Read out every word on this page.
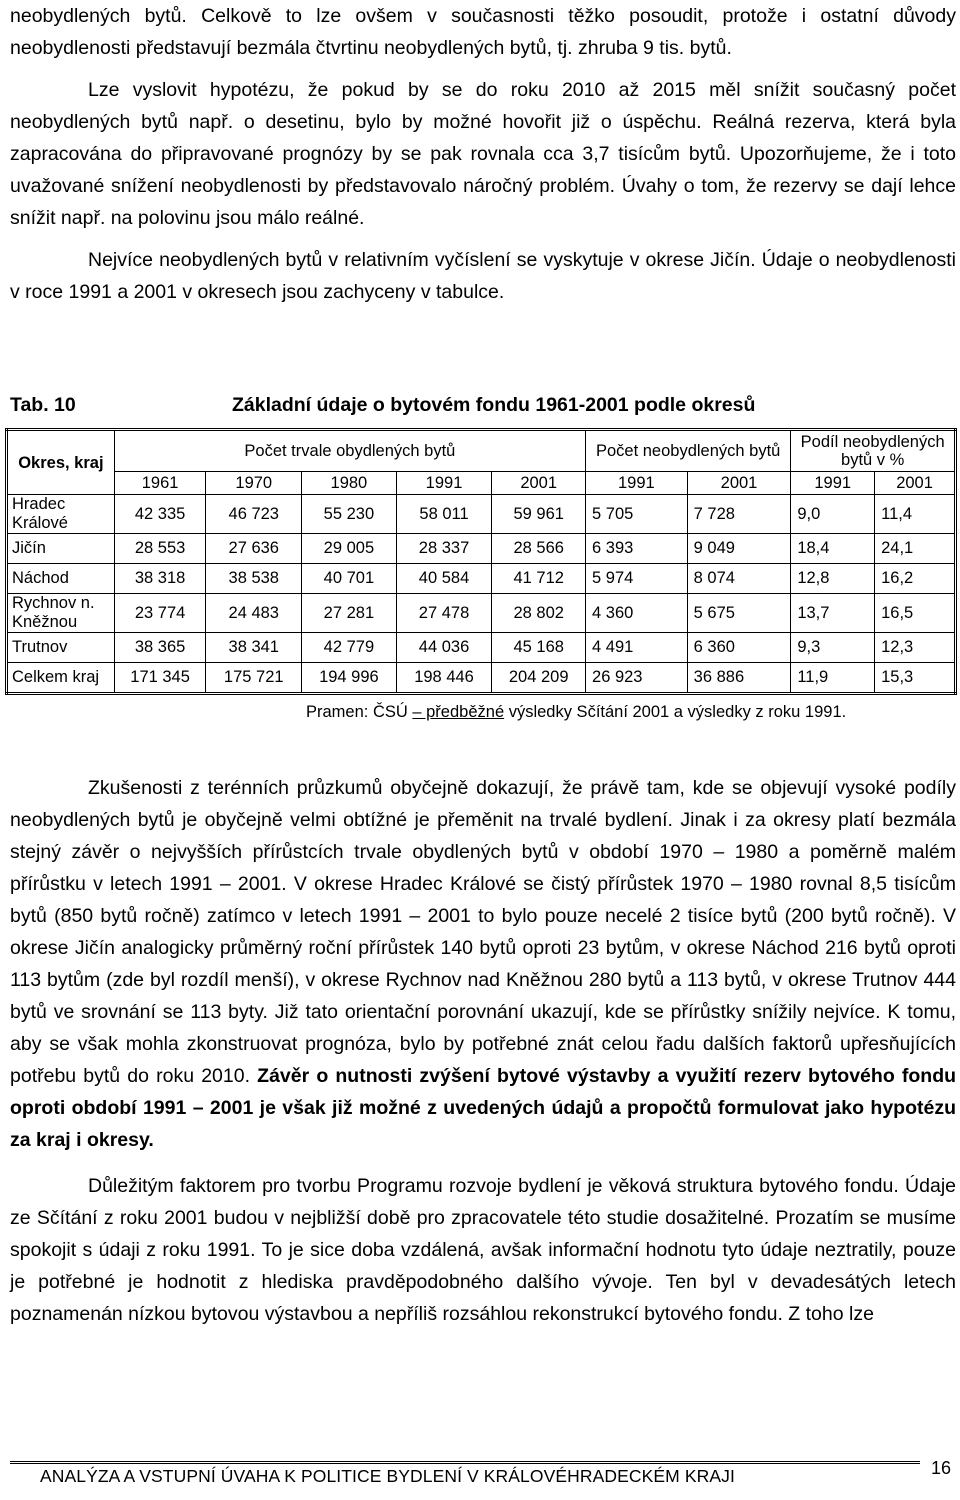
neobydlených bytů. Celkově to lze ovšem v současnosti těžko posoudit, protože i ostatní důvody neobydlenosti představují bezmála čtvrtinu neobydlených bytů, tj. zhruba 9 tis. bytů.

Lze vyslovit hypotézu, že pokud by se do roku 2010 až 2015 měl snížit současný počet neobydlených bytů např. o desetinu, bylo by možné hovořit již o úspěchu. Reálná rezerva, která byla zapracována do připravované prognózy by se pak rovnala cca 3,7 tisícům bytů. Upozorňujeme, že i toto uvažované snížení neobydlenosti by představovalo náročný problém. Úvahy o tom, že rezervy se dají lehce snížit např. na polovinu jsou málo reálné.

Nejvíce neobydlených bytů v relativním vyčíslení se vyskytuje v okrese Jičín. Údaje o neobydlenosti v roce 1991 a 2001 v okresech jsou zachyceny v tabulce.

Tab. 10	Základní údaje o bytovém fondu 1961-2001 podle okresů
Okres, kraj	Počet trvale obydlených bytů					Počet neobydlených bytů		Podíl neobydlených bytů v %	
	1961	1970	1980	1991	2001	1991	2001	1991	2001
Hradec Králové	42 335	46 723	55 230	58 011	59 961	5 705	7 728	9,0	11,4
Jičín	28 553	27 636	29 005	28 337	28 566	6 393	9 049	18,4	24,1
Náchod	38 318	38 538	40 701	40 584	41 712	5 974	8 074	12,8	16,2
Rychnov n. Kněžnou	23 774	24 483	27 281	27 478	28 802	4 360	5 675	13,7	16,5
Trutnov	38 365	38 341	42 779	44 036	45 168	4 491	6 360	9,3	12,3
Celkem kraj	171 345	175 721	194 996	198 446	204 209	26 923	36 886	11,9	15,3
Pramen: ČSÚ – předběžné výsledky Sčítání 2001 a výsledky z roku 1991.

Zkušenosti z terénních průzkumů obyčejně dokazují, že právě tam, kde se objevují vysoké podíly neobydlených bytů je obyčejně velmi obtížné je přeměnit na trvalé bydlení. Jinak i za okresy platí bezmála stejný závěr o nejvyšších přírůstcích trvale obydlených bytů v období 1970 – 1980 a poměrně malém přírůstku v letech 1991 – 2001. V okrese Hradec Králové se čistý přírůstek 1970 – 1980 rovnal 8,5 tisícům bytů (850 bytů ročně) zatímco v letech 1991 – 2001 to bylo pouze necelé 2 tisíce bytů (200 bytů ročně). V okrese Jičín analogicky průměrný roční přírůstek 140 bytů oproti 23 bytům, v okrese Náchod 216 bytů oproti 113 bytům (zde byl rozdíl menší), v okrese Rychnov nad Kněžnou 280 bytů a 113 bytů, v okrese Trutnov 444 bytů ve srovnání se 113 byty. Již tato orientační porovnání ukazují, kde se přírůstky snížily nejvíce. K tomu, aby se však mohla zkonstruovat prognóza, bylo by potřebné znát celou řadu dalších faktorů upřesňujících potřebu bytů do roku 2010. Závěr o nutnosti zvýšení bytové výstavby a využití rezerv bytového fondu oproti období 1991 – 2001 je však již možné z uvedených údajů a propočtů formulovat jako hypotézu za kraj i okresy.

Důležitým faktorem pro tvorbu Programu rozvoje bydlení je věková struktura bytového fondu. Údaje ze Sčítání z roku 2001 budou v nejbližší době pro zpracovatele této studie dosažitelné. Prozatím se musíme spokojit s údaji z roku 1991. To je sice doba vzdálená, avšak informační hodnotu tyto údaje neztratily, pouze je potřebné je hodnotit z hlediska pravděpodobného dalšího vývoje. Ten byl v devadesátých letech poznamenán nízkou bytovou výstavbou a nepříliš rozsáhlou rekonstrukcí bytového fondu. Z toho lze

ANALÝZA A VSTUPNÍ ÚVAHA K POLITICE BYDLENÍ V KRÁLOVÉHRADECKÉM KRAJI	16
